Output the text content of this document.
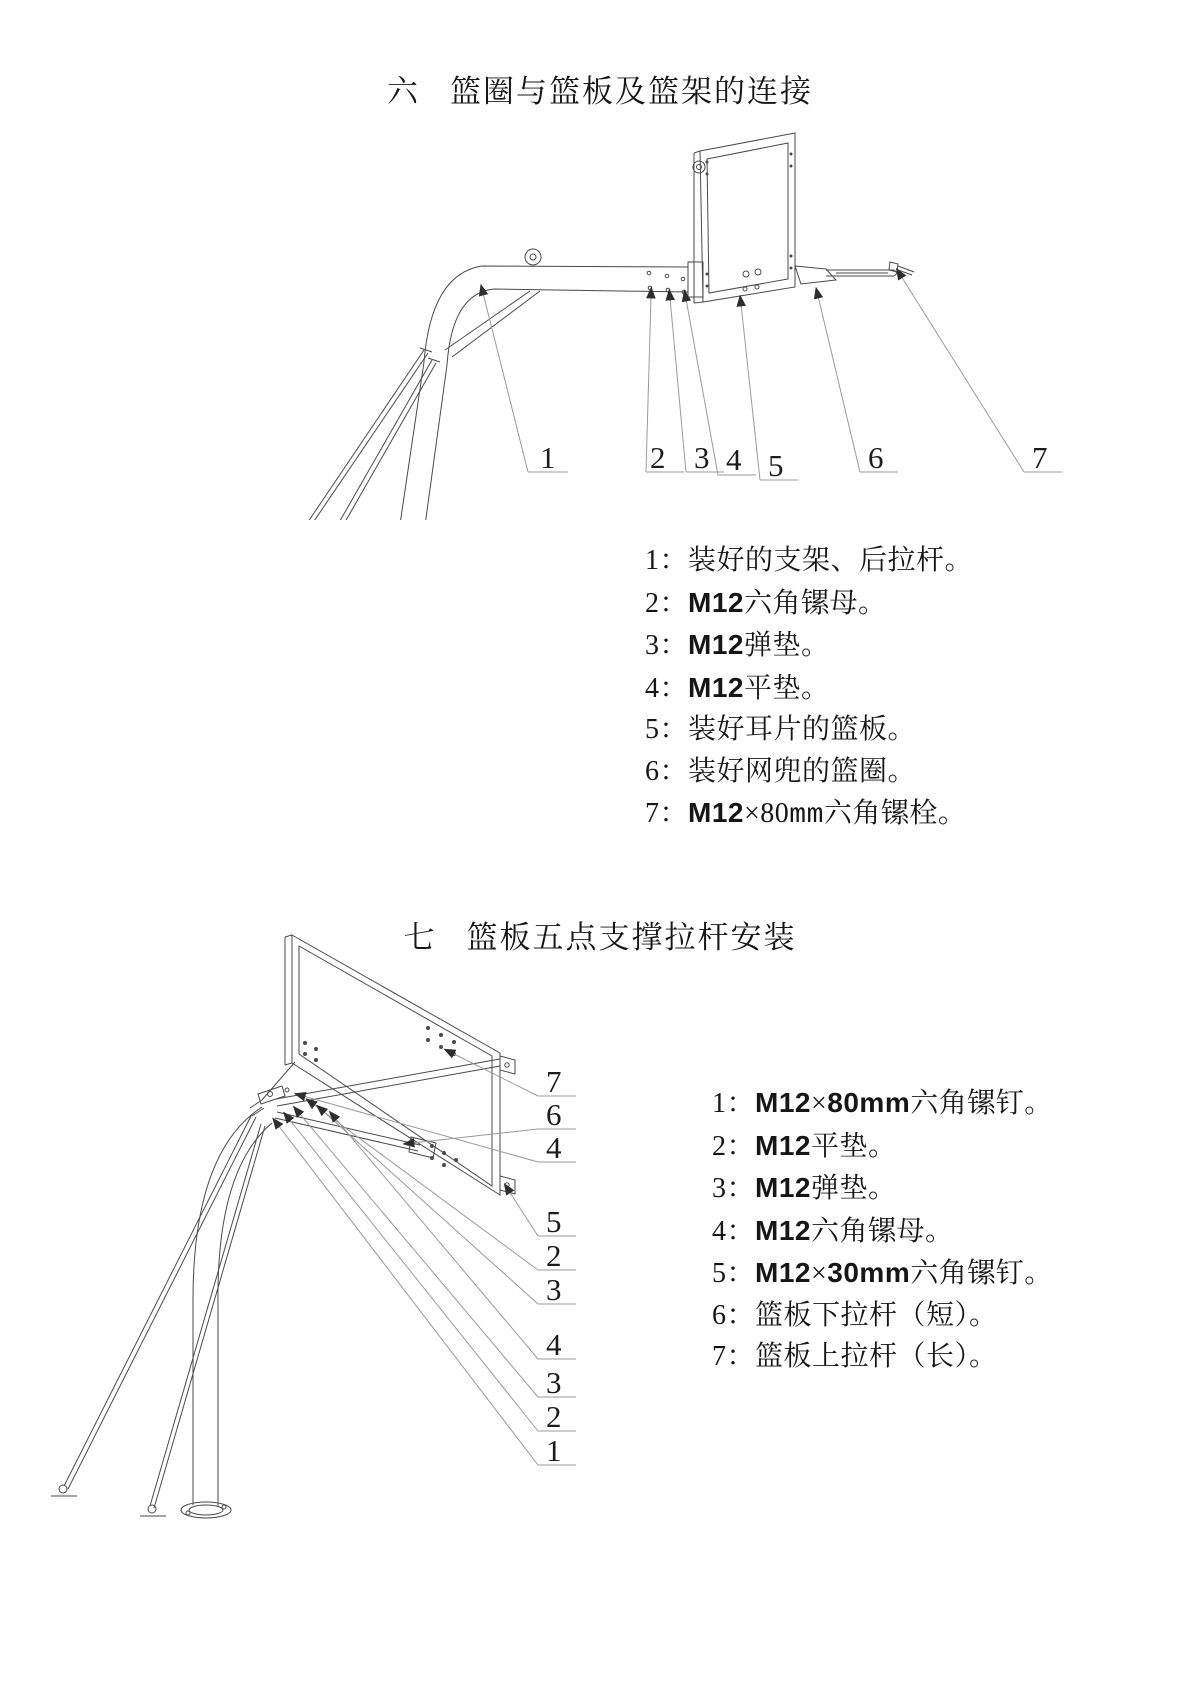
六 篮圈与篮板及篮架的连接
1	2 3 4 5	6	7
1：装好的支架、后拉杆。
2：M12六角镙母。
3：M12弹垫。
4：M12平垫。
5：装好耳片的篮板。
6：装好网兜的篮圈。
7：M12×80mm六角镙栓。
七 篮板五点支撑拉杆安装
7
6
4
5
2
3
4
3
2
1
1：M12×80mm六角镙钉。
2：M12平垫。
3：M12弹垫。
4：M12六角镙母。
5：M12×30mm六角镙钉。
6：篮板下拉杆（短）。
7：篮板上拉杆（长）。
